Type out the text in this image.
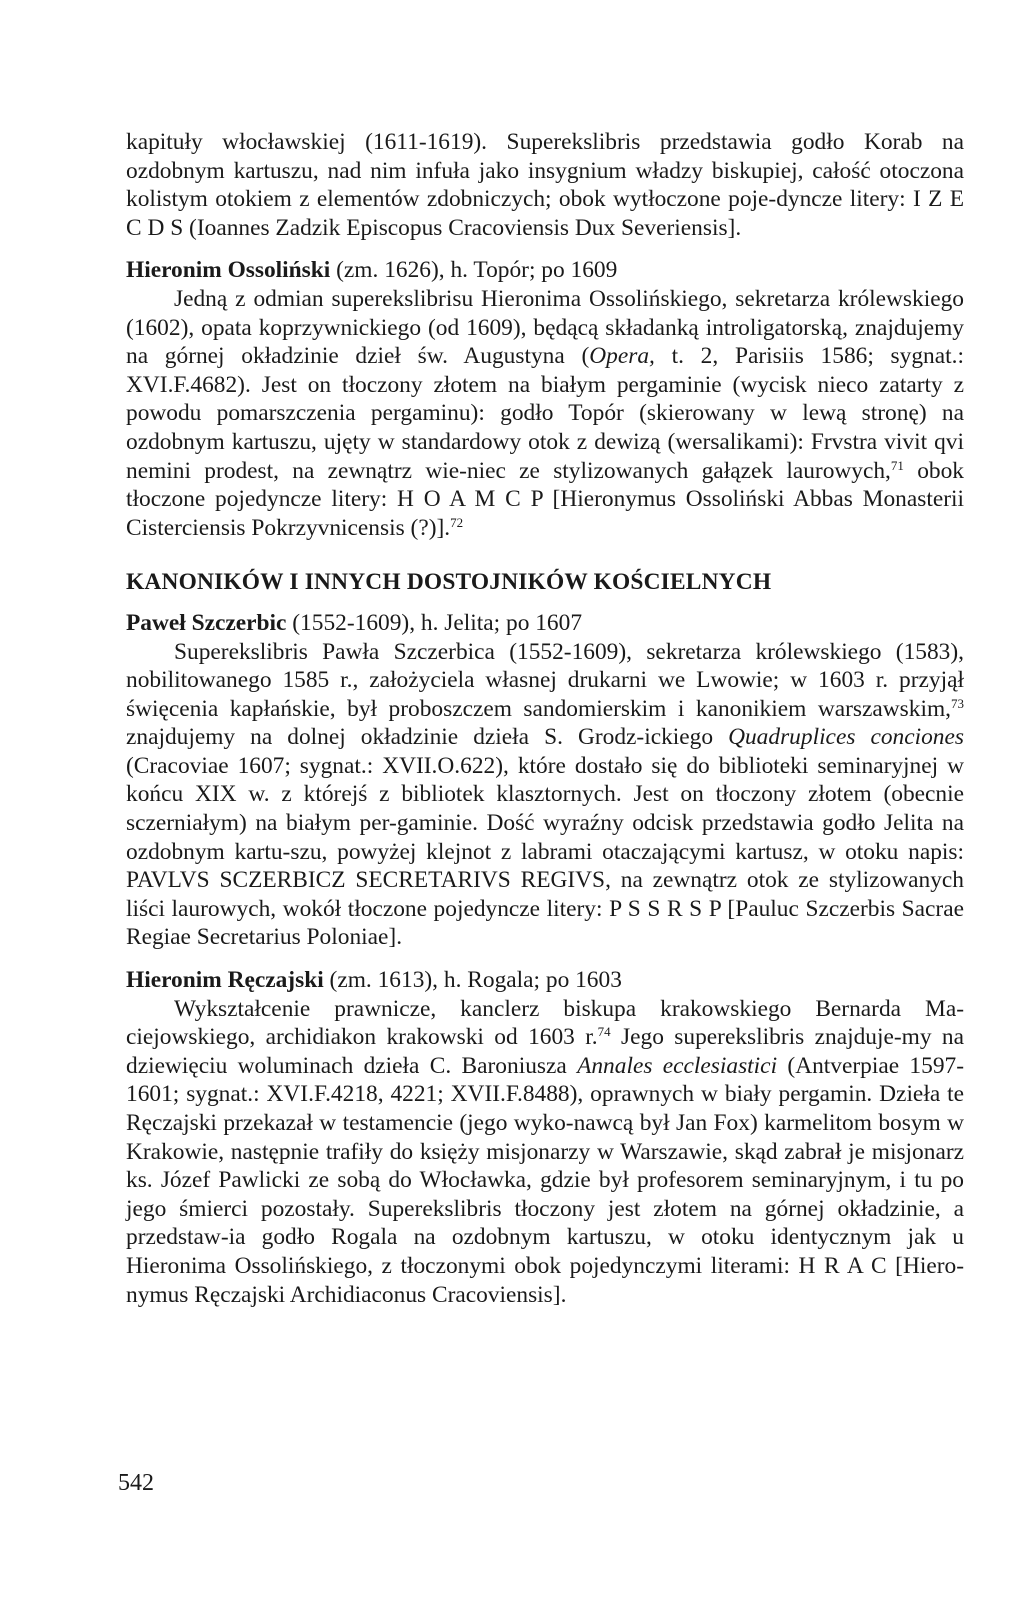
kapituły włocławskiej (1611-1619). Superekslibris przedstawia godło Korab na ozdobnym kartuszu, nad nim infuła jako insygnium władzy biskupiej, całość otoczona kolistym otokiem z elementów zdobniczych; obok wytłoczone poje-dyncze litery: I Z E C D S (Ioannes Zadzik Episcopus Cracoviensis Dux Severiensis].

Hieronim Ossoliński (zm. 1626), h. Topór; po 1609

Jedną z odmian superekslibrisu Hieronima Ossolińskiego, sekretarza królewskiego (1602), opata koprzywnickiego (od 1609), będącą składanką introligatorską, znajdujemy na górnej okładzinie dzieł św. Augustyna (Opera, t. 2, Parisiis 1586; sygnat.: XVI.F.4682). Jest on tłoczony złotem na białym pergaminie (wycisk nieco zatarty z powodu pomarszczenia pergaminu): godło Topór (skierowany w lewą stronę) na ozdobnym kartuszu, ujęty w standardowy otok z dewizą (wersalikami): Frvstra vivit qvi nemini prodest, na zewnątrz wie-niec ze stylizowanych gałązek laurowych,$^{71}$ obok tłoczone pojedyncze litery: H O A M C P [Hieronymus Ossoliński Abbas Monasterii Cisterciensis Pokrzyvnicensis (?)].$^{72}$

KANONIKÓW I INNYCH DOSTOJNIKÓW KOŚCIELNYCH

Paweł Szczerbic (1552-1609), h. Jelita; po 1607

Superekslibris Pawła Szczerbica (1552-1609), sekretarza królewskiego (1583), nobilitowanego 1585 r., założyciela własnej drukarni we Lwowie; w 1603 r. przyjął święcenia kapłańskie, był proboszczem sandomierskim i kanonikiem warszawskim,$^{73}$ znajdujemy na dolnej okładzinie dzieła S. Grodz-ickiego Quadruplices conciones (Cracoviae 1607; sygnat.: XVII.O.622), które dostało się do biblioteki seminaryjnej w końcu XIX w. z którejś z bibliotek klasztornych. Jest on tłoczony złotem (obecnie sczerniałym) na białym per-gaminie. Dość wyraźny odcisk przedstawia godło Jelita na ozdobnym kartu-szu, powyżej klejnot z labrami otaczającymi kartusz, w otoku napis: PAVLVS SCZERBICZ SECRETARIVS REGIVS, na zewnątrz otok ze stylizowanych liści laurowych, wokół tłoczone pojedyncze litery: P S S R S P [Pauluc Szczerbis Sacrae Regiae Secretarius Poloniae].

Hieronim Ręczajski (zm. 1613), h. Rogala; po 1603

Wykształcenie prawnicze, kanclerz biskupa krakowskiego Bernarda Ma-ciejowskiego, archidiakon krakowski od 1603 r.$^{74}$ Jego superekslibris znajduje-my na dziewięciu woluminach dzieła C. Baroniusza Annales ecclesiastici (Antverpiae 1597-1601; sygnat.: XVI.F.4218, 4221; XVII.F.8488), oprawnych w biały pergamin. Dzieła te Ręczajski przekazał w testamencie (jego wyko-nawcą był Jan Fox) karmelitom bosym w Krakowie, następnie trafiły do księży misjonarzy w Warszawie, skąd zabrał je misjonarz ks. Józef Pawlicki ze sobą do Włocławka, gdzie był profesorem seminaryjnym, i tu po jego śmierci pozostały. Superekslibris tłoczony jest złotem na górnej okładzinie, a przedstaw-ia godło Rogala na ozdobnym kartuszu, w otoku identycznym jak u Hieronima Ossolińskiego, z tłoczonymi obok pojedynczymi literami: H R A C [Hiero-nymus Ręczajski Archidiaconus Cracoviensis].

542
